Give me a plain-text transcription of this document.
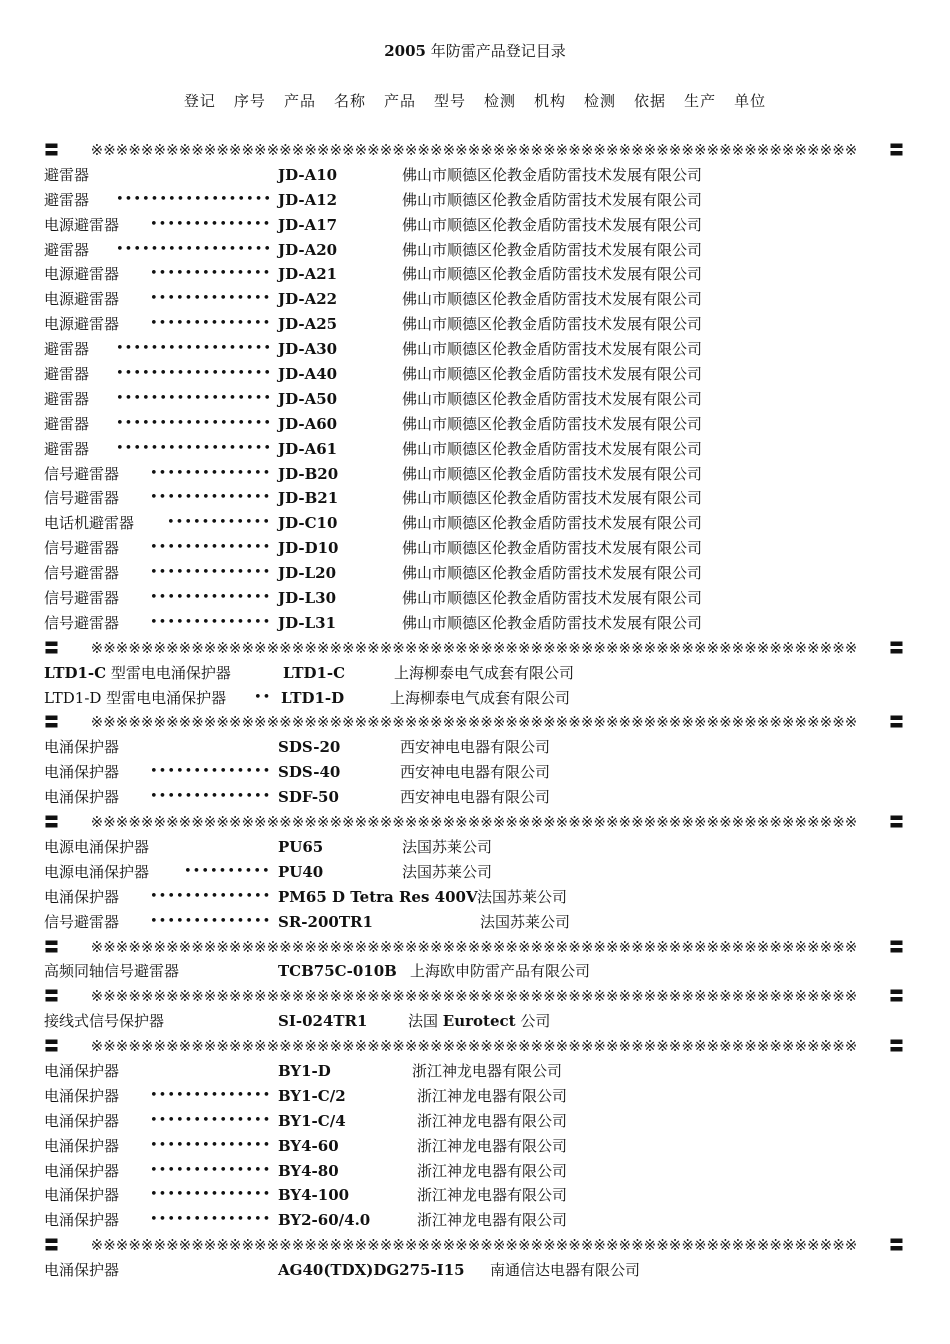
2005 年防雷产品登记目录
登记 序号 产品 名称 产品 型号 检测 机构 检测 依据 生产 单位
〓	※※※※※※※※※※※※※※※※※※※※※※※※※※※※※※※※※※※※※※※※※※※※※※※※※※※※※※※※※※※※※	〓
避雷器	JD-A10	佛山市顺德区伦教金盾防雷技术发展有限公司
避雷器 •••••••••••••••••• JD-A12	佛山市顺德区伦教金盾防雷技术发展有限公司
电源避雷器 •••••••••••••• JD-A17	佛山市顺德区伦教金盾防雷技术发展有限公司
避雷器 •••••••••••••••••• JD-A20	佛山市顺德区伦教金盾防雷技术发展有限公司
电源避雷器 •••••••••••••• JD-A21	佛山市顺德区伦教金盾防雷技术发展有限公司
电源避雷器 •••••••••••••• JD-A22	佛山市顺德区伦教金盾防雷技术发展有限公司
电源避雷器 •••••••••••••• JD-A25	佛山市顺德区伦教金盾防雷技术发展有限公司
避雷器 •••••••••••••••••• JD-A30	佛山市顺德区伦教金盾防雷技术发展有限公司
避雷器 •••••••••••••••••• JD-A40	佛山市顺德区伦教金盾防雷技术发展有限公司
避雷器 •••••••••••••••••• JD-A50	佛山市顺德区伦教金盾防雷技术发展有限公司
避雷器 •••••••••••••••••• JD-A60	佛山市顺德区伦教金盾防雷技术发展有限公司
避雷器 •••••••••••••••••• JD-A61	佛山市顺德区伦教金盾防雷技术发展有限公司
信号避雷器 •••••••••••••• JD-B20	佛山市顺德区伦教金盾防雷技术发展有限公司
信号避雷器 •••••••••••••• JD-B21	佛山市顺德区伦教金盾防雷技术发展有限公司
电话机避雷器	•••••••••••• JD-C10	佛山市顺德区伦教金盾防雷技术发展有限公司
信号避雷器 •••••••••••••• JD-D10	佛山市顺德区伦教金盾防雷技术发展有限公司
信号避雷器 •••••••••••••• JD-L20	佛山市顺德区伦教金盾防雷技术发展有限公司
信号避雷器 •••••••••••••• JD-L30	佛山市顺德区伦教金盾防雷技术发展有限公司
信号避雷器 •••••••••••••• JD-L31	佛山市顺德区伦教金盾防雷技术发展有限公司
〓	※※※※※※※※※※※※※※※※※※※※※※※※※※※※※※※※※※※※※※※※※※※※※※※※※※※※※※※※※※※※※	〓
LTD1-C 型雷电电涌保护器	LTD1-C	上海柳泰电气成套有限公司
LTD1-D 型雷电电涌保护器 •• LTD1-D	上海柳泰电气成套有限公司
〓	※※※※※※※※※※※※※※※※※※※※※※※※※※※※※※※※※※※※※※※※※※※※※※※※※※※※※※※※※※※※※	〓
电涌保护器	SDS-20	西安神电电器有限公司
电涌保护器 •••••••••••••• SDS-40	西安神电电器有限公司
电涌保护器 •••••••••••••• SDF-50	西安神电电器有限公司
〓	※※※※※※※※※※※※※※※※※※※※※※※※※※※※※※※※※※※※※※※※※※※※※※※※※※※※※※※※※※※※※	〓
电源电涌保护器	PU65	法国苏莱公司
电源电涌保护器	•••••••••• PU40	法国苏莱公司
电涌保护器 •••••••••••••• PM65 D Tetra Res 400V 法国苏莱公司
信号避雷器 •••••••••••••• SR-200TR1	法国苏莱公司
〓	※※※※※※※※※※※※※※※※※※※※※※※※※※※※※※※※※※※※※※※※※※※※※※※※※※※※※※※※※※※※※	〓
高频同轴信号避雷器	TCB75C-010B 上海欧申防雷产品有限公司
〓	※※※※※※※※※※※※※※※※※※※※※※※※※※※※※※※※※※※※※※※※※※※※※※※※※※※※※※※※※※※※※	〓
接线式信号保护器	SI-024TR1	法国 Eurotect 公司
〓	※※※※※※※※※※※※※※※※※※※※※※※※※※※※※※※※※※※※※※※※※※※※※※※※※※※※※※※※※※※※※	〓
电涌保护器	BY1-D	浙江神龙电器有限公司
电涌保护器 •••••••••••••• BY1-C/2	浙江神龙电器有限公司
电涌保护器 •••••••••••••• BY1-C/4	浙江神龙电器有限公司
电涌保护器 •••••••••••••• BY4-60	浙江神龙电器有限公司
电涌保护器 •••••••••••••• BY4-80	浙江神龙电器有限公司
电涌保护器 •••••••••••••• BY4-100	浙江神龙电器有限公司
电涌保护器 •••••••••••••• BY2-60/4.0	浙江神龙电器有限公司
〓	※※※※※※※※※※※※※※※※※※※※※※※※※※※※※※※※※※※※※※※※※※※※※※※※※※※※※※※※※※※※※	〓
电涌保护器	AG40(TDX)DG275-I15 南通信达电器有限公司
